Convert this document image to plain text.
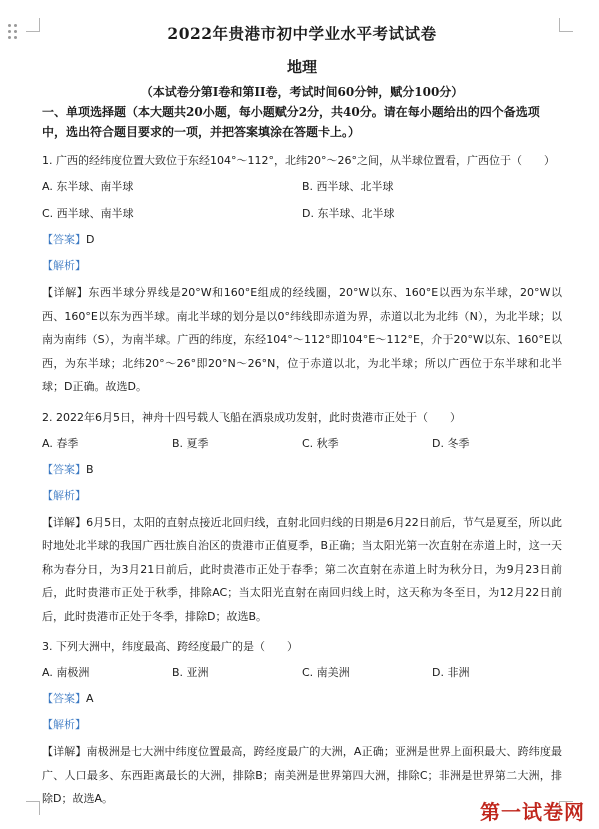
2022年贵港市初中学业水平考试试卷
地理
（本试卷分第I卷和第II卷，考试时间60分钟，赋分100分）
一、单项选择题（本大题共20小题，每小题赋分2分，共40分。请在每小题给出的四个备选项中，选出符合题目要求的一项，并把答案填涂在答题卡上。）
1. 广西的经纬度位置大致位于东经104°～112°，北纬20°～26°之间，从半球位置看，广西位于（　　）
A. 东半球、南半球	B. 西半球、北半球
C. 西半球、南半球	D. 东半球、北半球
【答案】D
【解析】
【详解】东西半球分界线是20°W和160°E组成的经线圈，20°W以东、160°E以西为东半球，20°W以西、160°E以东为西半球。南北半球的划分是以0°纬线即赤道为界，赤道以北为北纬（N），为北半球；以南为南纬（S），为南半球。广西的纬度，东经104°～112°即104°E～112°E，介于20°W以东、160°E以西，为东半球；北纬20°～26°即20°N～26°N，位于赤道以北，为北半球；所以广西位于东半球和北半球；D正确。故选D。
2. 2022年6月5日，神舟十四号载人飞船在酒泉成功发射，此时贵港市正处于（　　）
A. 春季	B. 夏季	C. 秋季	D. 冬季
【答案】B
【解析】
【详解】6月5日，太阳的直射点接近北回归线，直射北回归线的日期是6月22日前后，节气是夏至，所以此时地处北半球的我国广西壮族自治区的贵港市正值夏季，B正确；当太阳光第一次直射在赤道上时，这一天称为春分日，为3月21日前后，此时贵港市正处于春季；第二次直射在赤道上时为秋分日，为9月23日前后，此时贵港市正处于秋季，排除AC；当太阳光直射在南回归线上时，这天称为冬至日，为12月22日前后，此时贵港市正处于冬季，排除D；故选B。
3. 下列大洲中，纬度最高、跨经度最广的是（　　）
A. 南极洲	B. 亚洲	C. 南美洲	D. 非洲
【答案】A
【解析】
【详解】南极洲是七大洲中纬度位置最高，跨经度最广的大洲，A正确；亚洲是世界上面积最大、跨纬度最广、人口最多、东西距离最长的大洲，排除B；南美洲是世界第四大洲，排除C；非洲是世界第二大洲，排除D；故选A。
第一试卷网
